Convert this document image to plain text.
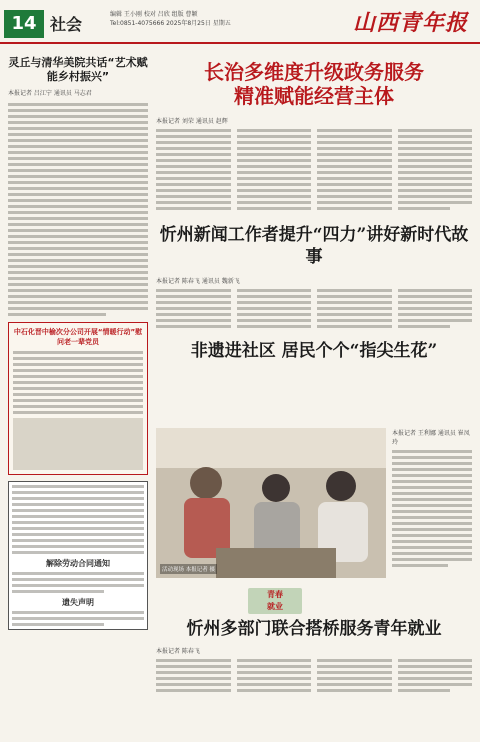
14 社会
编辑 王小刚 校对 吕欣 组版 曹颖
Tel:0851-4075666 2025年8月25日 星期五	山西青年报
灵丘与清华美院共话“艺术赋能乡村振兴”
本报记者 吕江宁 通讯员 马志君
中石化晋中榆次分公司开展“情暖行动”慰问老一辈党员
解除劳动合同通知
遗失声明
长治多维度升级政务服务
精准赋能经营主体
本报记者 刘荣 通讯员 赵辉
忻州新闻工作者提升“四力”讲好新时代故事
本报记者 陈春飞 通讯员 魏新飞
非遗进社区 居民个个“指尖生花”
活动现场 本报记者 摄
本报记者 王利娜 通讯员 崔凤玲
青春
就业
忻州多部门联合搭桥服务青年就业
本报记者 陈春飞
